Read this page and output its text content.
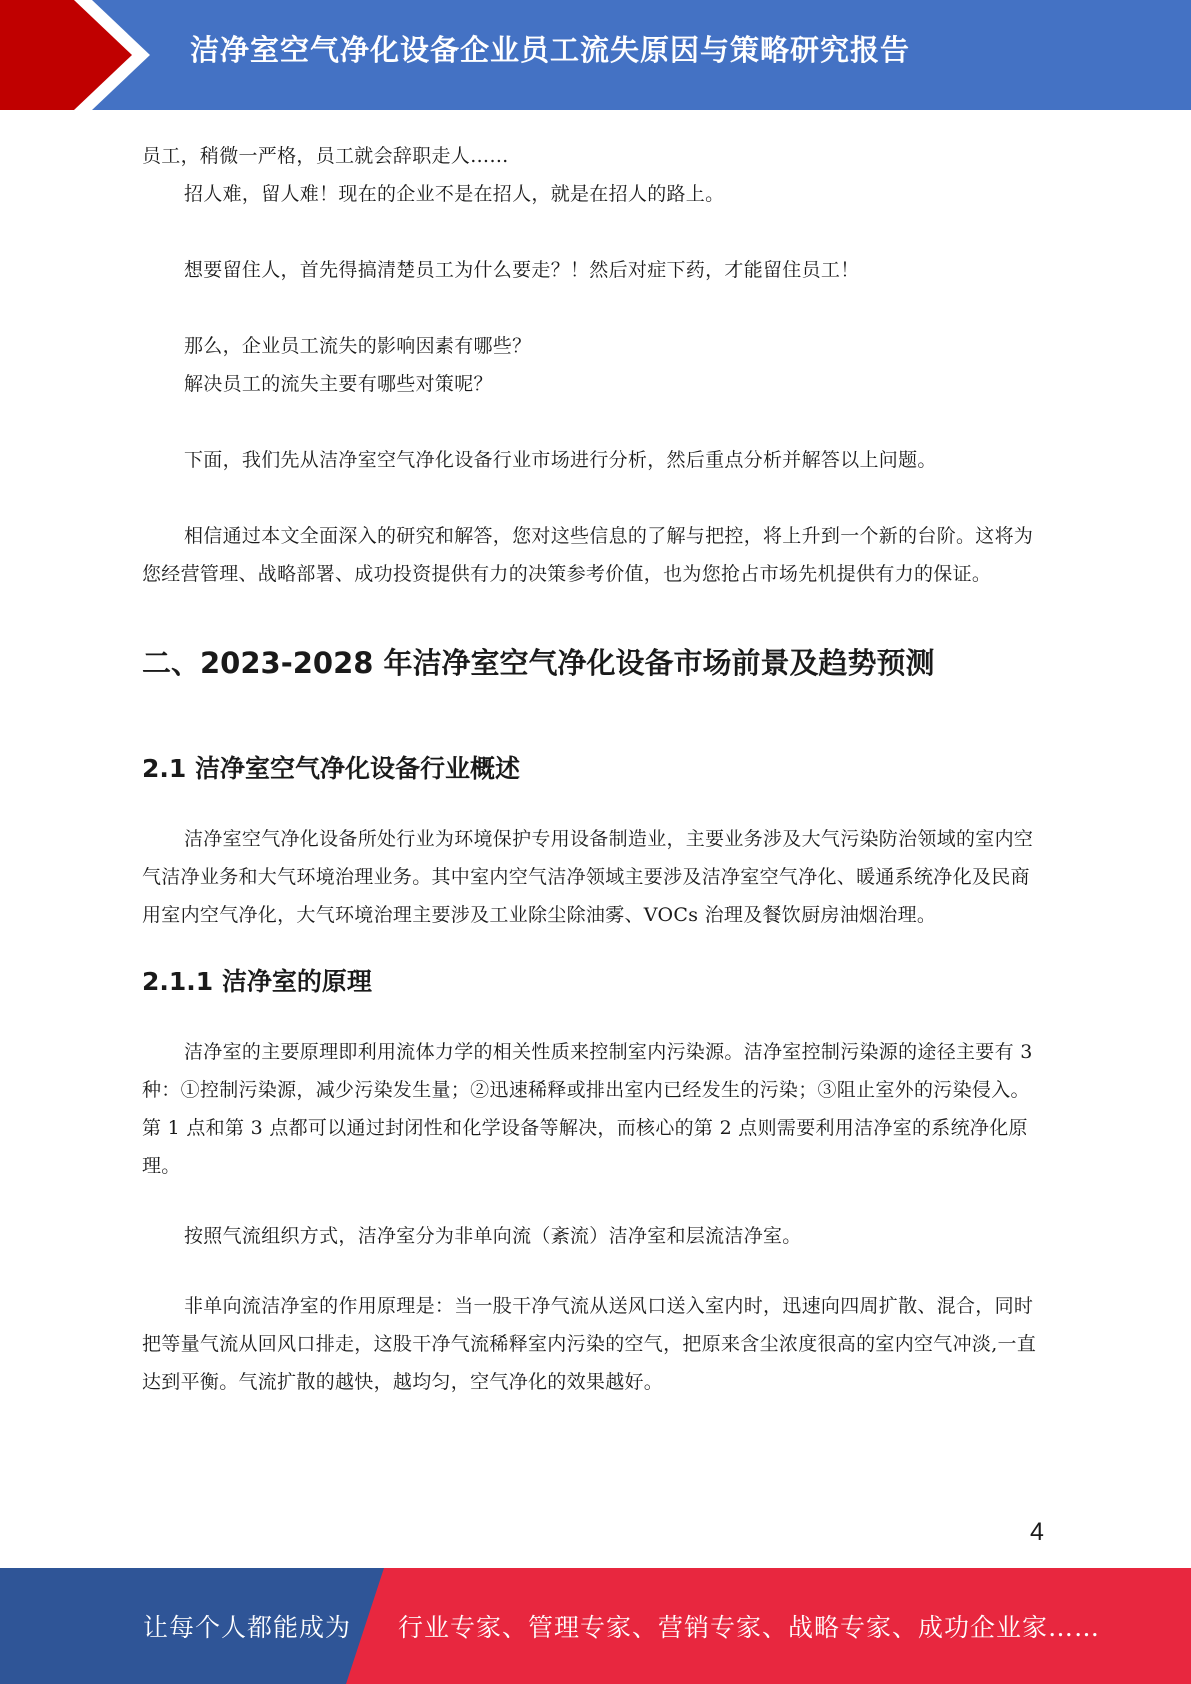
洁净室空气净化设备企业员工流失原因与策略研究报告

员工，稍微一严格，员工就会辞职走人……

招人难，留人难！现在的企业不是在招人，就是在招人的路上。

想要留住人，首先得搞清楚员工为什么要走？！然后对症下药，才能留住员工！

那么，企业员工流失的影响因素有哪些？

解决员工的流失主要有哪些对策呢？

下面，我们先从洁净室空气净化设备行业市场进行分析，然后重点分析并解答以上问题。

相信通过本文全面深入的研究和解答，您对这些信息的了解与把控，将上升到一个新的台阶。这将为您经营管理、战略部署、成功投资提供有力的决策参考价值，也为您抢占市场先机提供有力的保证。

二、2023-2028 年洁净室空气净化设备市场前景及趋势预测
2.1 洁净室空气净化设备行业概述

洁净室空气净化设备所处行业为环境保护专用设备制造业，主要业务涉及大气污染防治领域的室内空气洁净业务和大气环境治理业务。其中室内空气洁净领域主要涉及洁净室空气净化、暖通系统净化及民商用室内空气净化，大气环境治理主要涉及工业除尘除油雾、VOCs 治理及餐饮厨房油烟治理。

2.1.1 洁净室的原理

洁净室的主要原理即利用流体力学的相关性质来控制室内污染源。洁净室控制污染源的途径主要有 3 种：①控制污染源，减少污染发生量；②迅速稀释或排出室内已经发生的污染；③阻止室外的污染侵入。第 1 点和第 3 点都可以通过封闭性和化学设备等解决，而核心的第 2 点则需要利用洁净室的系统净化原理。

按照气流组织方式，洁净室分为非单向流（紊流）洁净室和层流洁净室。

非单向流洁净室的作用原理是：当一股干净气流从送风口送入室内时，迅速向四周扩散、混合，同时把等量气流从回风口排走，这股干净气流稀释室内污染的空气，把原来含尘浓度很高的室内空气冲淡,一直达到平衡。气流扩散的越快，越均匀，空气净化的效果越好。

4
让每个人都能成为 行业专家、管理专家、营销专家、战略专家、成功企业家……
